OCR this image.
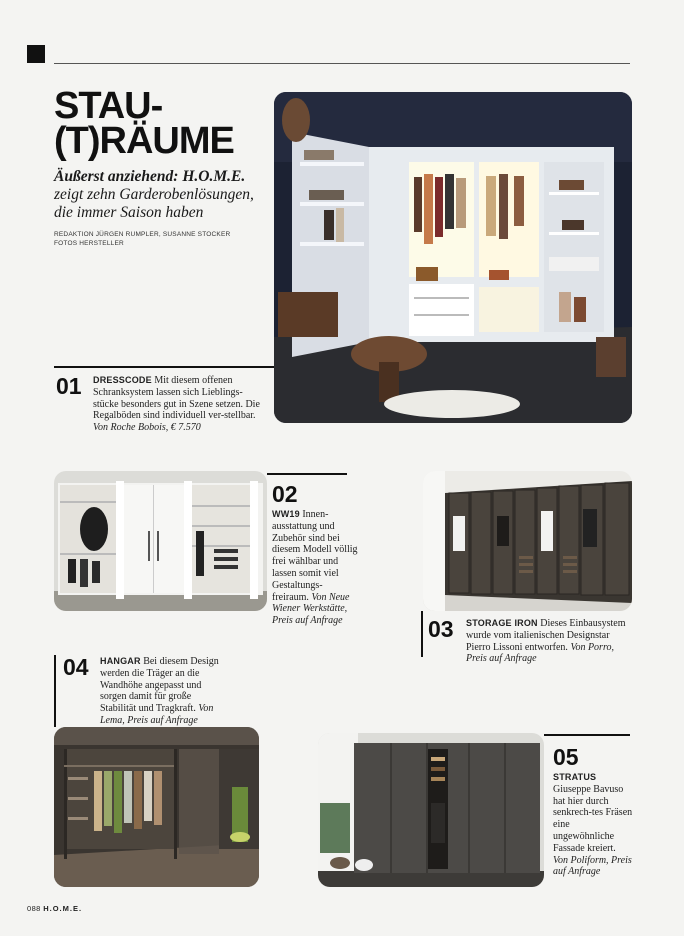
STAU-
(T)RÄUME
Äußerst anziehend: H.O.M.E. zeigt zehn Garderobenlösungen, die immer Saison haben
REDAKTION JÜRGEN RUMPLER, SUSANNE STOCKER
FOTOS HERSTELLER
01 DRESSCODE Mit diesem offenen Schranksystem lassen sich Lieblings-stücke besonders gut in Szene setzen. Die Regalböden sind individuell ver-stellbar. Von Roche Bobois, € 7.570
02
WW19 Innen-ausstattung und Zubehör sind bei diesem Modell völlig frei wählbar und lassen somit viel Gestaltungs-freiraum. Von Neue Wiener Werkstätte, Preis auf Anfrage	03 STORAGE IRON Dieses Einbausystem wurde vom italienischen Designstar Pierro Lissoni entworfen. Von Porro, Preis auf Anfrage
04 HANGAR Bei diesem Design werden die Träger an die Wandhöhe angepasst und sorgen damit für große Stabilität und Tragkraft. Von Lema, Preis auf Anfrage
05
STRATUS
Giuseppe Bavuso hat hier durch senkrech-tes Fräsen eine ungewöhnliche Fassade kreiert. Von Poliform, Preis auf Anfrage
088 H.O.M.E.
